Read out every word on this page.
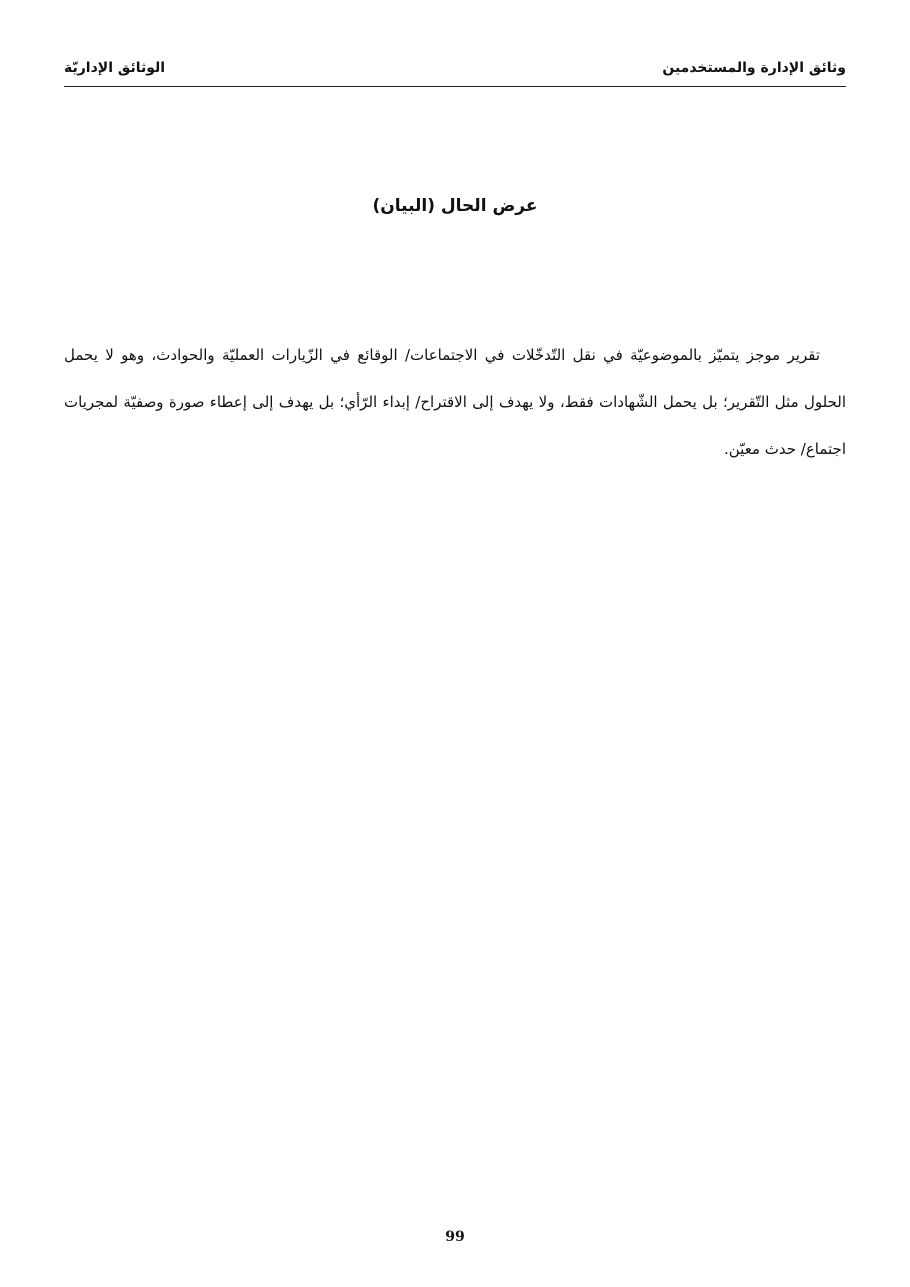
وثائق الإدارة والمستخدمين
الوثائق الإداريّة
عرض الحال (البيان)

تقرير موجز يتميّز بالموضوعيّة في نقل التّدخّلات في الاجتماعات/ الوقائع في الزّيارات العمليّة والحوادث، وهو لا يحمل الحلول مثل التّقرير؛ بل يحمل الشّهادات فقط، ولا يهدف إلى الاقتراح/ إبداء الرّأي؛ بل يهدف إلى إعطاء صورة وصفيّة لمجريات اجتماع/ حدث معيّن.

99
